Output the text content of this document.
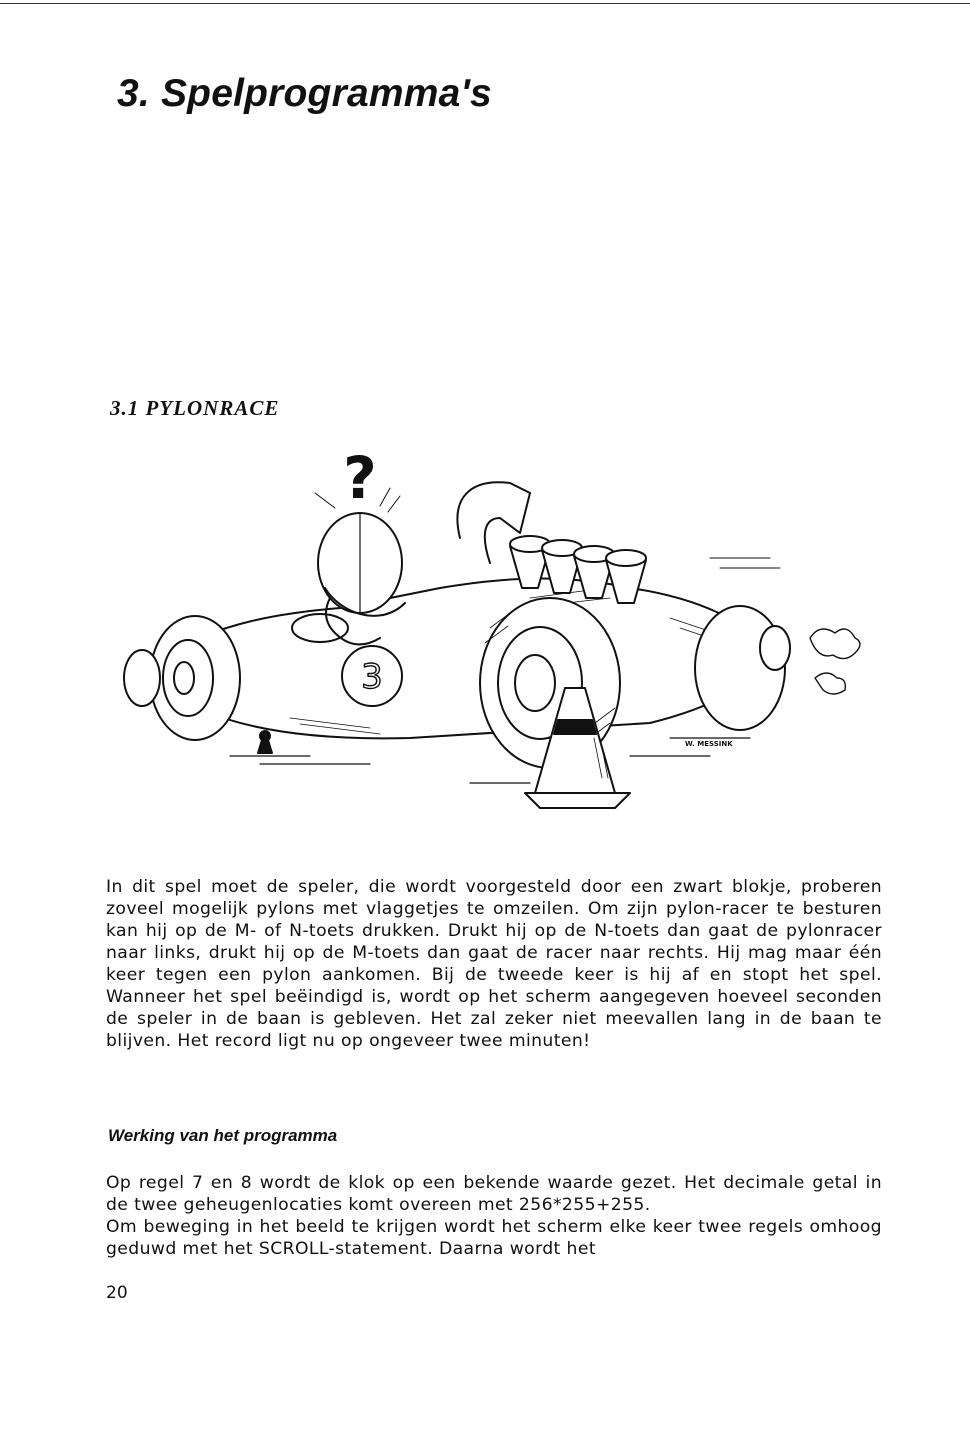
3. Spelprogramma's
3.1 PYLONRACE
3
?
W. MESSINK

In dit spel moet de speler, die wordt voorgesteld door een zwart blokje, proberen zoveel mogelijk pylons met vlaggetjes te omzeilen. Om zijn pylon-racer te besturen kan hij op de M- of N-toets drukken. Drukt hij op de N-toets dan gaat de pylonracer naar links, drukt hij op de M-toets dan gaat de racer naar rechts. Hij mag maar één keer tegen een pylon aankomen. Bij de tweede keer is hij af en stopt het spel. Wanneer het spel beëindigd is, wordt op het scherm aangegeven hoeveel seconden de speler in de baan is gebleven. Het zal zeker niet meevallen lang in de baan te blijven. Het record ligt nu op ongeveer twee minuten!

Werking van het programma
Op regel 7 en 8 wordt de klok op een bekende waarde gezet. Het decimale getal in de twee geheugenlocaties komt overeen met 256*255+255.
Om beweging in het beeld te krijgen wordt het scherm elke keer twee regels omhoog geduwd met het SCROLL-statement. Daarna wordt het
20
